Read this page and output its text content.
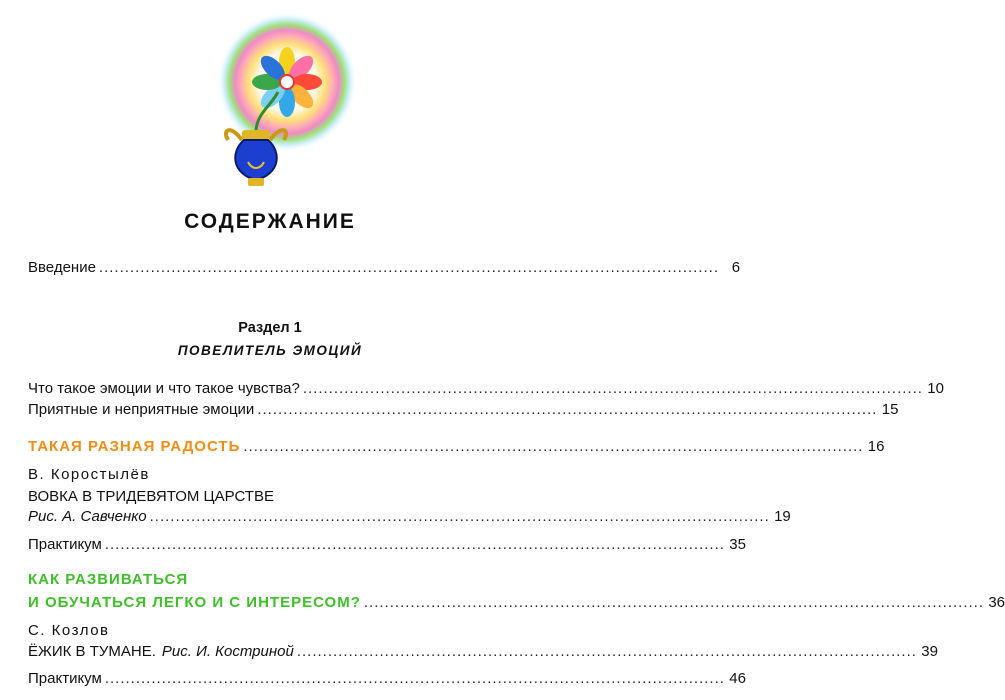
СОДЕРЖАНИЕ
Введение ........................................................................................................................ 6
Раздел 1
ПОВЕЛИТЕЛЬ ЭМОЦИЙ
Что такое эмоции и что такое чувства? ........................................................................................................................ 10
Приятные и неприятные эмоции ........................................................................................................................ 15
ТАКАЯ РАЗНАЯ РАДОСТЬ ........................................................................................................................ 16
В. Коростылёв
ВОВКА В ТРИДЕВЯТОМ ЦАРСТВЕ
Рис. А. Савченко ........................................................................................................................ 19
Практикум ........................................................................................................................ 35
КАК РАЗВИВАТЬСЯ
И ОБУЧАТЬСЯ ЛЕГКО И С ИНТЕРЕСОМ? ........................................................................................................................ 36
С. Козлов
ЁЖИК В ТУМАНЕ. Рис. И. Костриной ........................................................................................................................ 39
Практикум ........................................................................................................................ 46
